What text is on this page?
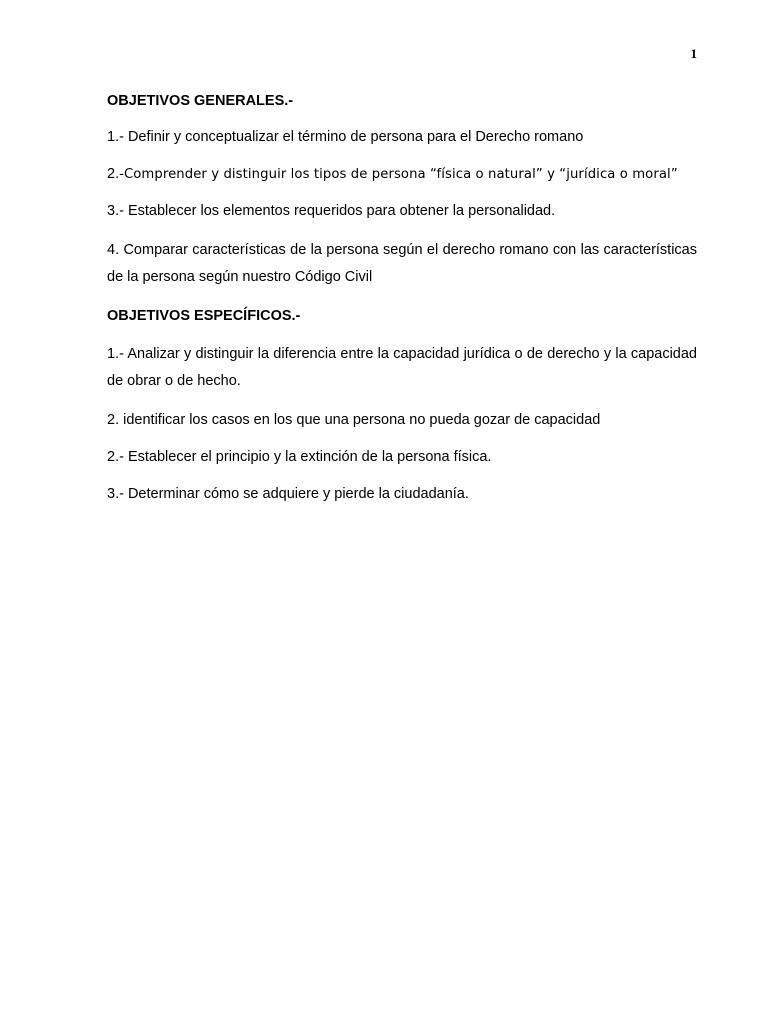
1

OBJETIVOS GENERALES.-

1.- Definir y conceptualizar el término de persona para el Derecho romano

2.-Comprender y distinguir los tipos de persona “física o natural” y “jurídica o moral”

3.- Establecer los elementos requeridos para obtener la personalidad.

4. Comparar características de la persona según el derecho romano con las características de la persona según nuestro Código Civil

OBJETIVOS ESPECÍFICOS.-

1.- Analizar y distinguir la diferencia entre la capacidad jurídica o de derecho y la capacidad de obrar o de hecho.

2. identificar los casos en los que una persona no pueda gozar de capacidad

2.- Establecer el principio y la extinción de la persona física.

3.- Determinar cómo se adquiere y pierde la ciudadanía.
